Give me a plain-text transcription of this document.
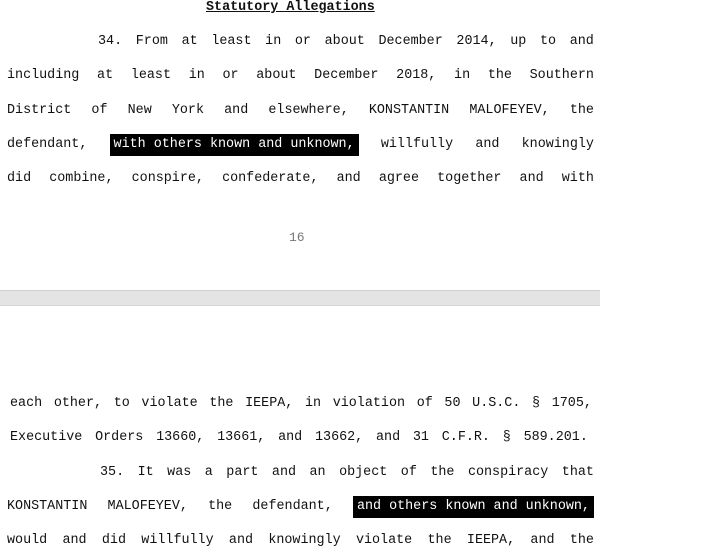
Statutory Allegations
34. From at least in or about December 2014, up to and
including at least in or about December 2018, in the Southern
District of New York and elsewhere, KONSTANTIN MALOFEYEV, the
defendant, with others known and unknown, willfully and knowingly
did combine, conspire, confederate, and agree together and with
16
each other, to violate the IEEPA, in violation of 50 U.S.C. § 1705,
Executive Orders 13660, 13661, and 13662, and 31 C.F.R. § 589.201.
35. It was a part and an object of the conspiracy that
KONSTANTIN MALOFEYEV, the defendant, and others known and unknown,
would and did willfully and knowingly violate the IEEPA, and the
